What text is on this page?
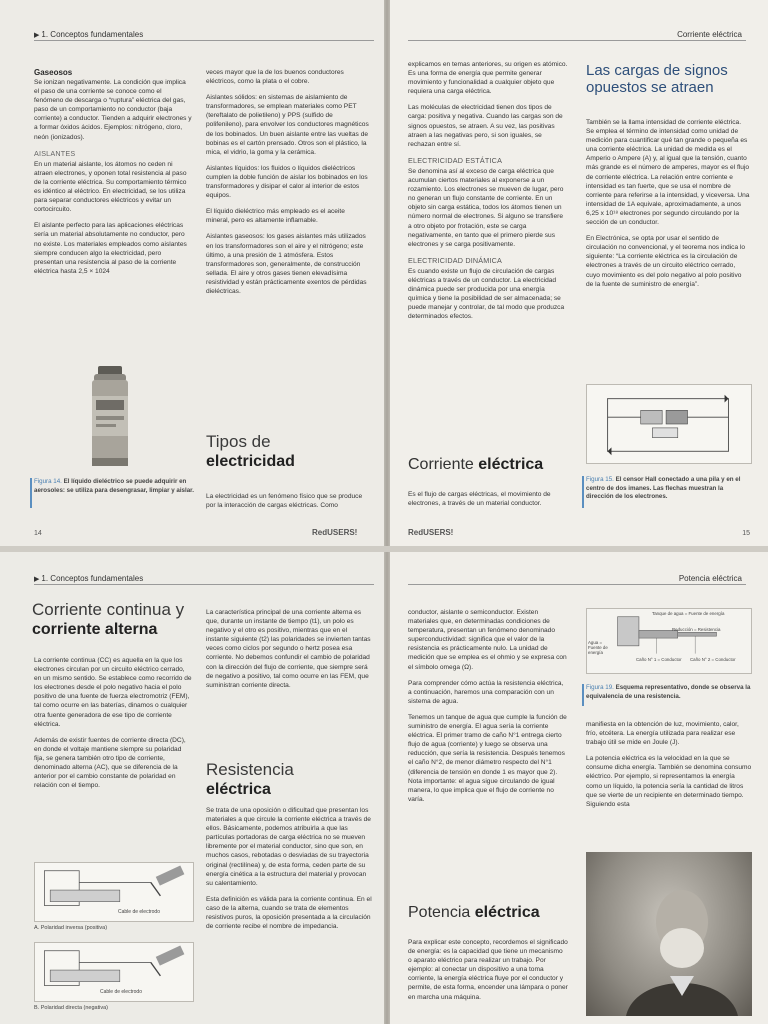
▶ 1. Conceptos fundamentales
Gaseosos

Se ionizan negativamente. La condición que implica el paso de una corriente se conoce como el fenómeno de descarga o “ruptura” eléctrica del gas, paso de un comportamiento no conductor (baja corriente) a conductor. Tienden a adquirir electrones y a formar óxidos ácidos. Ejemplos: nitrógeno, cloro, neón (ionizados).

AISLANTES

En un material aislante, los átomos no ceden ni atraen electrones, y oponen total resistencia al paso de la corriente eléctrica. Su comportamiento térmico es idéntico al eléctrico. En electricidad, se los utiliza para separar conductores eléctricos y evitar un cortocircuito.

El aislante perfecto para las aplicaciones eléctricas sería un material absolutamente no conductor, pero no existe. Los materiales empleados como aislantes siempre conducen algo la electricidad, pero presentan una resistencia al paso de la corriente eléctrica hasta 2,5 × 1024

veces mayor que la de los buenos conductores eléctricos, como la plata o el cobre.

Aislantes sólidos: en sistemas de aislamiento de transformadores, se emplean materiales como PET (tereftalato de polietileno) y PPS (sulfido de polifenileno), para envolver los conductores magnéticos de los bobinados. Un buen aislante entre las vueltas de bobinas es el cartón prensado. Otros son el plástico, la mica, el vidrio, la goma y la cerámica.

Aislantes líquidos: los fluidos o líquidos dieléctricos cumplen la doble función de aislar los bobinados en los transformadores y disipar el calor al interior de estos equipos.

El líquido dieléctrico más empleado es el aceite mineral, pero es altamente inflamable.

Aislantes gaseosos: los gases aislantes más utilizados en los transformadores son el aire y el nitrógeno; este último, a una presión de 1 atmósfera. Estos transformadores son, generalmente, de construcción sellada. El aire y otros gases tienen elevadísima resistividad y están prácticamente exentos de pérdidas dieléctricas.

Figura 14. El líquido dieléctrico se puede adquirir en aerosoles: se utiliza para desengrasar, limpiar y aislar.
Tipos de
electricidad

La electricidad es un fenómeno físico que se produce por la interacción de cargas eléctricas. Como

14	RedUSERS!
Corriente eléctrica

explicamos en temas anteriores, su origen es atómico. Es una forma de energía que permite generar movimiento y funcionalidad a cualquier objeto que requiera una carga eléctrica.

Las moléculas de electricidad tienen dos tipos de carga: positiva y negativa. Cuando las cargas son de signos opuestos, se atraen. A su vez, las positivas atraen a las negativas pero, si son iguales, se rechazan entre sí.

ELECTRICIDAD ESTÁTICA

Se denomina así al exceso de carga eléctrica que acumulan ciertos materiales al exponerse a un rozamiento. Los electrones se mueven de lugar, pero no generan un flujo constante de corriente. En un objeto sin carga estática, todos los átomos tienen un número normal de electrones. Si alguno se transfiere a otro objeto por frotación, este se carga negativamente, en tanto que el primero pierde sus electrones y se carga positivamente.

ELECTRICIDAD DINÁMICA

Es cuando existe un flujo de circulación de cargas eléctricas a través de un conductor. La electricidad dinámica puede ser producida por una energía química y tiene la posibilidad de ser almacenada; se puede manejar y controlar, de tal modo que produzca determinados efectos.

Corriente eléctrica

Es el flujo de cargas eléctricas, el movimiento de electrones, a través de un material conductor.

Las cargas de signos opuestos se atraen

También se la llama intensidad de corriente eléctrica. Se emplea el término de intensidad como unidad de medición para cuantificar qué tan grande o pequeña es una corriente eléctrica. La unidad de medida es el Amperio o Ampere (A) y, al igual que la tensión, cuanto más grande es el número de amperes, mayor es el flujo de corriente eléctrica. La relación entre corriente e intensidad es tan fuerte, que se usa el nombre de corriente para referirse a la intensidad, y viceversa. Una intensidad de 1A equivale, aproximadamente, a unos 6,25 x 10¹⁸ electrones por segundo circulando por la sección de un conductor.

En Electrónica, se opta por usar el sentido de circulación no convencional, y el teorema nos indica lo siguiente: “La corriente eléctrica es la circulación de electrones a través de un circuito eléctrico cerrado, cuyo movimiento es del polo negativo al polo positivo de la fuente de suministro de energía”.

Figura 15. El censor Hall conectado a una pila y en el centro de dos imanes. Las flechas muestran la dirección de los electrones.
RedUSERS!	15
▶ 1. Conceptos fundamentales
Corriente continua y
corriente alterna

La corriente continua (CC) es aquella en la que los electrones circulan por un circuito eléctrico cerrado, en un mismo sentido. Se establece como recorrido de los electrones desde el polo negativo hacia el polo positivo de una fuente de fuerza electromotriz (FEM), tal como ocurre en las baterías, dinamos o cualquier otra fuente generadora de ese tipo de corriente eléctrica.

Además de existir fuentes de corriente directa (DC), en donde el voltaje mantiene siempre su polaridad fija, se genera también otro tipo de corriente, denominado alterna (AC), que se diferencia de la anterior por el cambio constante de polaridad en relación con el tiempo.

A. Polaridad inversa (positiva)
Cable de electrodo
B. Polaridad directa (negativa)
Cable de electrodo

La característica principal de una corriente alterna es que, durante un instante de tiempo (t1), un polo es negativo y el otro es positivo, mientras que en el instante siguiente (t2) las polaridades se invierten tantas veces como ciclos por segundo o hertz posea esa corriente. No debemos confundir el cambio de polaridad con la dirección del flujo de corriente, que siempre será de negativo a positivo, tal como ocurre en las FEM, que suministran corriente directa.

Resistencia
eléctrica

Se trata de una oposición o dificultad que presentan los materiales a que circule la corriente eléctrica a través de ellos. Básicamente, podemos atribuirla a que las partículas portadoras de carga eléctrica no se mueven libremente por el material conductor, sino que son, en muchos casos, rebotadas o desviadas de su trayectoria original (rectilínea) y, de esta forma, ceden parte de su energía cinética a la estructura del material y provocan su calentamiento.

Esta definición es válida para la corriente continua. En el caso de la alterna, cuando se trata de elementos resistivos puros, la oposición presentada a la circulación de corriente recibe el nombre de impedancia.

Potencia eléctrica

conductor, aislante o semiconductor. Existen materiales que, en determinadas condiciones de temperatura, presentan un fenómeno denominado superconductividad: significa que el valor de la resistencia es prácticamente nulo. La unidad de medición que se emplea es el ohmio y se expresa con el símbolo omega (Ω).

Para comprender cómo actúa la resistencia eléctrica, a continuación, haremos una comparación con un sistema de agua.

Tenemos un tanque de agua que cumple la función de suministro de energía. El agua sería la corriente eléctrica. El primer tramo de caño N°1 entrega cierto flujo de agua (corriente) y luego se observa una reducción, que sería la resistencia. Después tenemos el caño N°2, de menor diámetro respecto del N°1 (diferencia de tensión en donde 1 es mayor que 2). Nota importante: el agua sigue circulando de igual manera, lo que implica que el flujo de corriente no varía.

Potencia eléctrica

Para explicar este concepto, recordemos el significado de energía: es la capacidad que tiene un mecanismo o aparato eléctrico para realizar un trabajo. Por ejemplo: al conectar un dispositivo a una toma corriente, la energía eléctrica fluye por el conductor y permite, de esta forma, encender una lámpara o poner en marcha una máquina.

Tanque de agua = Fuente de energía
Reducción = Resistencia
Agua = Fuente de energía
Caño N° 1 = Conductor Caño N° 2 = Conductor
Figura 19. Esquema representativo, donde se observa la equivalencia de una resistencia.

manifiesta en la obtención de luz, movimiento, calor, frío, etcétera. La energía utilizada para realizar ese trabajo útil se mide en Joule (J).

La potencia eléctrica es la velocidad en la que se consume dicha energía. También se denomina consumo eléctrico. Por ejemplo, si representamos la energía como un líquido, la potencia sería la cantidad de litros que se vierte de un recipiente en determinado tiempo. Siguiendo esta
